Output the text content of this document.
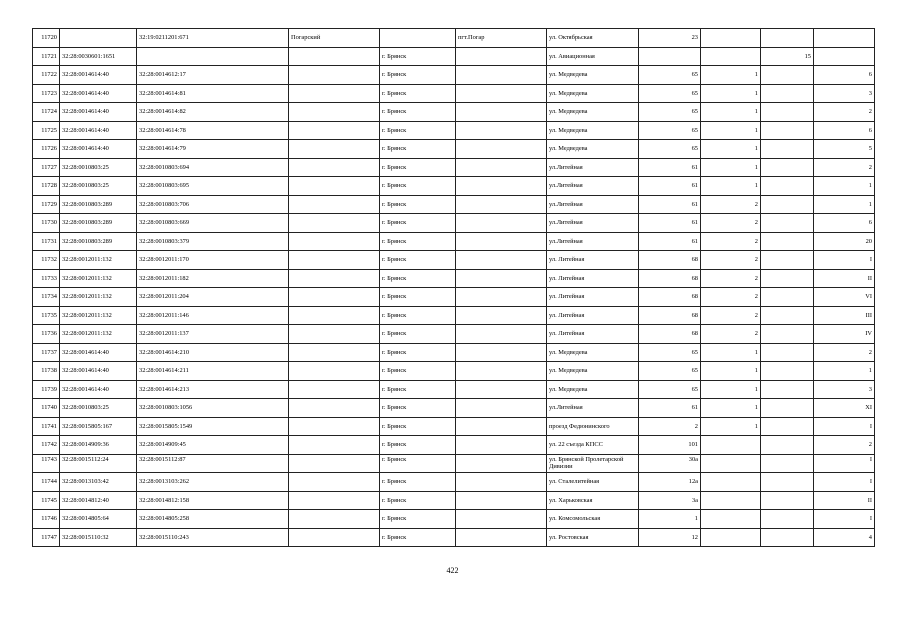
11720		32:19:0211201:671	Погарский		пгт.Погар	ул. Октябрьская	23			
11721	32:28:0030601:1651			г. Брянск		ул. Авиационная			15	
11722	32:28:0014614:40	32:28:0014612:17		г. Брянск		ул. Медведева	65	1		6
11723	32:28:0014614:40	32:28:0014614:81		г. Брянск		ул. Медведева	65	1		3
11724	32:28:0014614:40	32:28:0014614:82		г. Брянск		ул. Медведева	65	1		2
11725	32:28:0014614:40	32:28:0014614:78		г. Брянск		ул. Медведева	65	1		6
11726	32:28:0014614:40	32:28:0014614:79		г. Брянск		ул. Медведева	65	1		5
11727	32:28:0010803:25	32:28:0010803:694		г. Брянск		ул.Литейная	61	1		2
11728	32:28:0010803:25	32:28:0010803:695		г. Брянск		ул.Литейная	61	1		1
11729	32:28:0010803:289	32:28:0010803:706		г. Брянск		ул.Литейная	61	2		1
11730	32:28:0010803:289	32:28:0010803:669		г. Брянск		ул.Литейная	61	2		6
11731	32:28:0010803:289	32:28:0010803:379		г. Брянск		ул.Литейная	61	2		20
11732	32:28:0012011:132	32:28:0012011:170		г. Брянск		ул. Литейная	68	2		I
11733	32:28:0012011:132	32:28:0012011:182		г. Брянск		ул. Литейная	68	2		II
11734	32:28:0012011:132	32:28:0012011:204		г. Брянск		ул. Литейная	68	2		VI
11735	32:28:0012011:132	32:28:0012011:146		г. Брянск		ул. Литейная	68	2		III
11736	32:28:0012011:132	32:28:0012011:137		г. Брянск		ул. Литейная	68	2		IV
11737	32:28:0014614:40	32:28:0014614:210		г. Брянск		ул. Медведева	65	1		2
11738	32:28:0014614:40	32:28:0014614:211		г. Брянск		ул. Медведева	65	1		1
11739	32:28:0014614:40	32:28:0014614:213		г. Брянск		ул. Медведева	65	1		3
11740	32:28:0010803:25	32:28:0010803:1056		г. Брянск		ул.Литейная	61	1		XI
11741	32:28:0015805:167	32:28:0015805:1549		г. Брянск		проезд Федюнинского	2	1		I
11742	32:28:0014909:36	32:28:0014909:45		г. Брянск		ул. 22 съезда КПСС	101			2
11743	32:28:0015112:24	32:28:0015112:87		г. Брянск		ул. Брянской Пролетарской Дивизии	30а			I
11744	32:28:0013103:42	32:28:0013103:262		г. Брянск		ул. Сталелитейная	12а			I
11745	32:28:0014812:40	32:28:0014812:158		г. Брянск		ул. Харьковская	3а			II
11746	32:28:0014805:64	32:28:0014805:258		г. Брянск		ул. Комсомольская	1			I
11747	32:28:0015110:32	32:28:0015110:243		г. Брянск		ул. Ростовская	12			4
422
